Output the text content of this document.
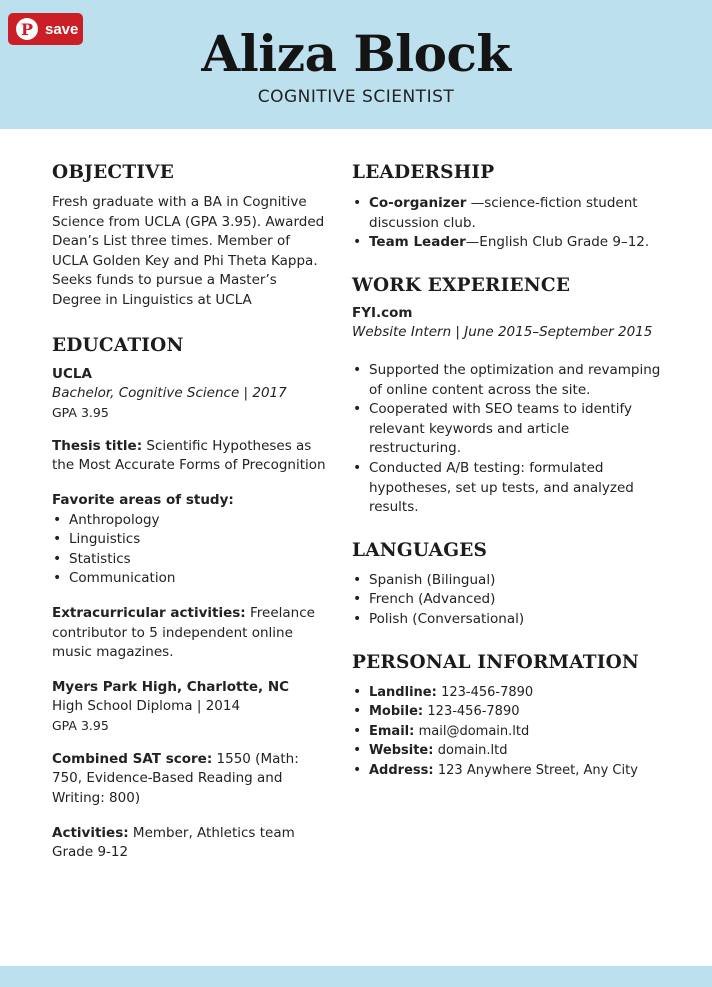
P save	Aliza Block
COGNITIVE SCIENTIST
OBJECTIVE

Fresh graduate with a BA in Cognitive Science from UCLA (GPA 3.95). Awarded Dean’s List three times. Member of UCLA Golden Key and Phi Theta Kappa. Seeks funds to pursue a Master’s Degree in Linguistics at UCLA

EDUCATION

UCLA

Bachelor, Cognitive Science | 2017

GPA 3.95

Thesis title: Scientific Hypotheses as the Most Accurate Forms of Precognition

Favorite areas of study:

• Anthropology
• Linguistics
• Statistics
• Communication

Extracurricular activities: Freelance contributor to 5 independent online music magazines.

Myers Park High, Charlotte, NC

High School Diploma | 2014

GPA 3.95

Combined SAT score: 1550 (Math: 750, Evidence-Based Reading and Writing: 800)

Activities: Member, Athletics team Grade 9-12

LEADERSHIP
• Co-organizer —science-fiction student discussion club.
• Team Leader—English Club Grade 9–12.
WORK EXPERIENCE

FYI.com

Website Intern | June 2015–September 2015

• Supported the optimization and revamping of online content across the site.
• Cooperated with SEO teams to identify relevant keywords and article restructuring.
• Conducted A/B testing: formulated hypotheses, set up tests, and analyzed results.
LANGUAGES
• Spanish (Bilingual)
• French (Advanced)
• Polish (Conversational)
PERSONAL INFORMATION
• Landline: 123-456-7890
• Mobile: 123-456-7890
• Email: mail@domain.ltd
• Website: domain.ltd
• Address: 123 Anywhere Street, Any City
